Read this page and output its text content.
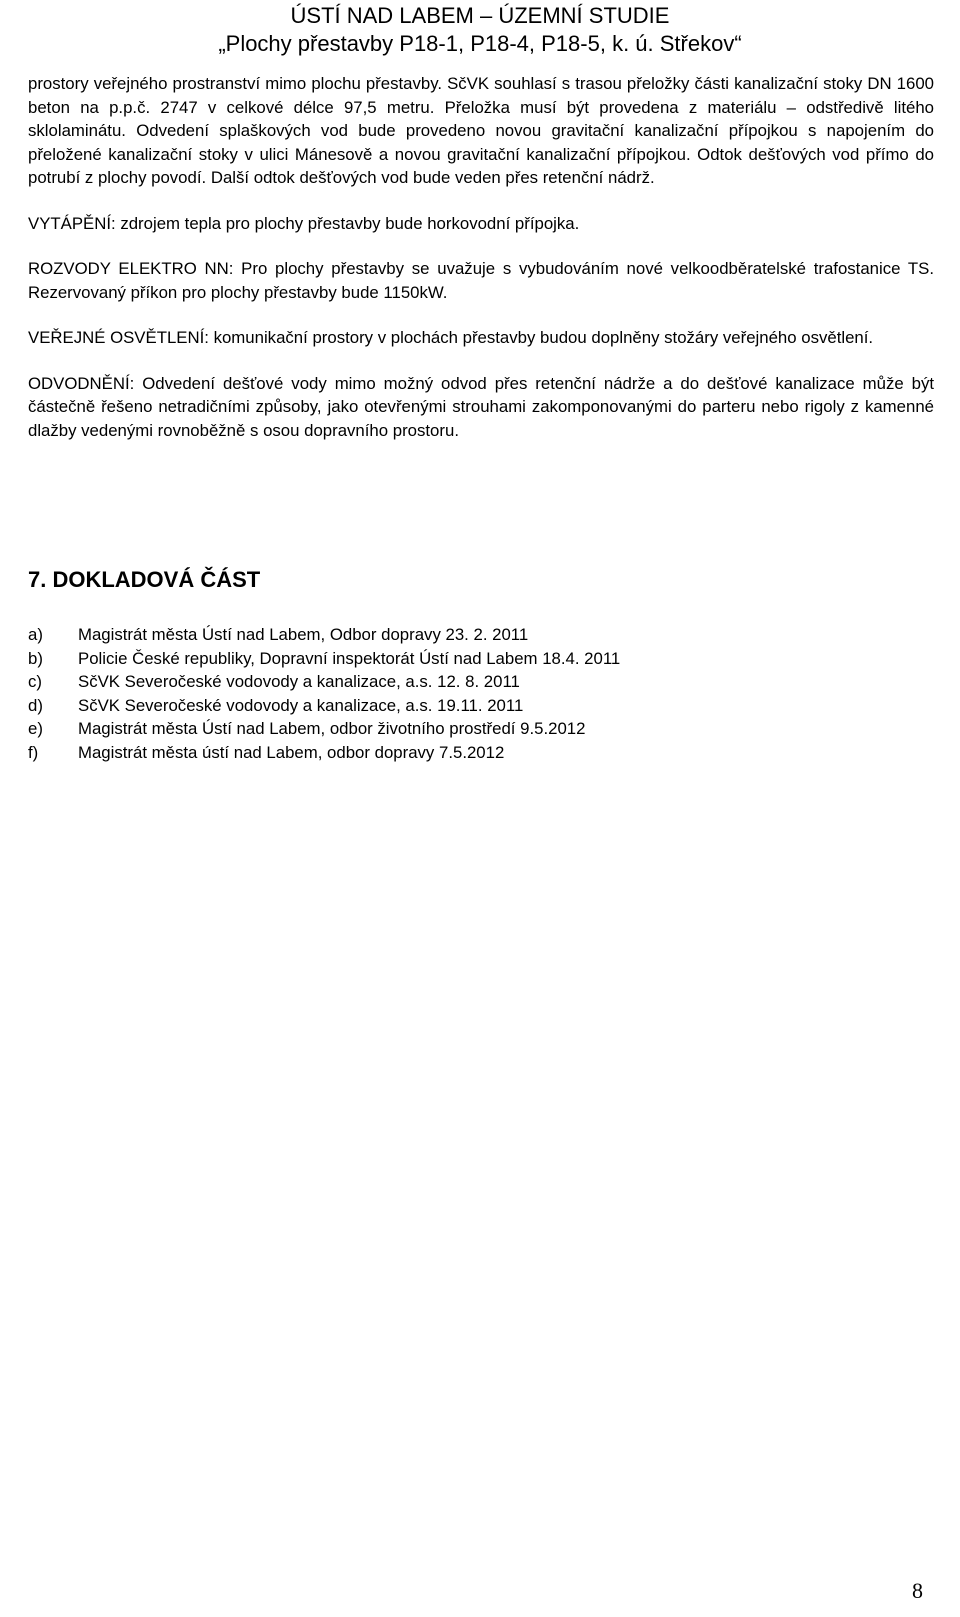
ÚSTÍ NAD LABEM – ÚZEMNÍ STUDIE
„Plochy přestavby P18-1, P18-4, P18-5, k. ú. Střekov“

prostory veřejného prostranství mimo plochu přestavby. SčVK souhlasí s trasou přeložky části kanalizační stoky DN 1600 beton na p.p.č. 2747 v celkové délce 97,5 metru. Přeložka musí být provedena z materiálu – odstředivě litého sklolaminátu. Odvedení splaškových vod bude provedeno novou gravitační kanalizační přípojkou s napojením do přeložené kanalizační stoky v ulici Mánesově a novou gravitační kanalizační přípojkou. Odtok dešťových vod přímo do potrubí z plochy povodí. Další odtok dešťových vod bude veden přes retenční nádrž.

VYTÁPĚNÍ: zdrojem tepla pro plochy přestavby bude horkovodní přípojka.

ROZVODY ELEKTRO NN: Pro plochy přestavby se uvažuje s vybudováním nové velkoodběratelské trafostanice TS. Rezervovaný příkon pro plochy přestavby bude 1150kW.

VEŘEJNÉ OSVĚTLENÍ: komunikační prostory v plochách přestavby budou doplněny stožáry veřejného osvětlení.

ODVODNĚNÍ: Odvedení dešťové vody mimo možný odvod přes retenční nádrže a do dešťové kanalizace může být částečně řešeno netradičními způsoby, jako otevřenými strouhami zakomponovanými do parteru nebo rigoly z kamenné dlažby vedenými rovnoběžně s osou dopravního prostoru.

7. DOKLADOVÁ ČÁST
a) Magistrát města Ústí nad Labem, Odbor dopravy 23. 2. 2011
b) Policie České republiky, Dopravní inspektorát Ústí nad Labem 18.4. 2011
c) SčVK Severočeské vodovody a kanalizace, a.s. 12. 8. 2011
d) SčVK Severočeské vodovody a kanalizace, a.s. 19.11. 2011
e) Magistrát města Ústí nad Labem, odbor životního prostředí 9.5.2012
f) Magistrát města ústí nad Labem, odbor dopravy 7.5.2012
8
